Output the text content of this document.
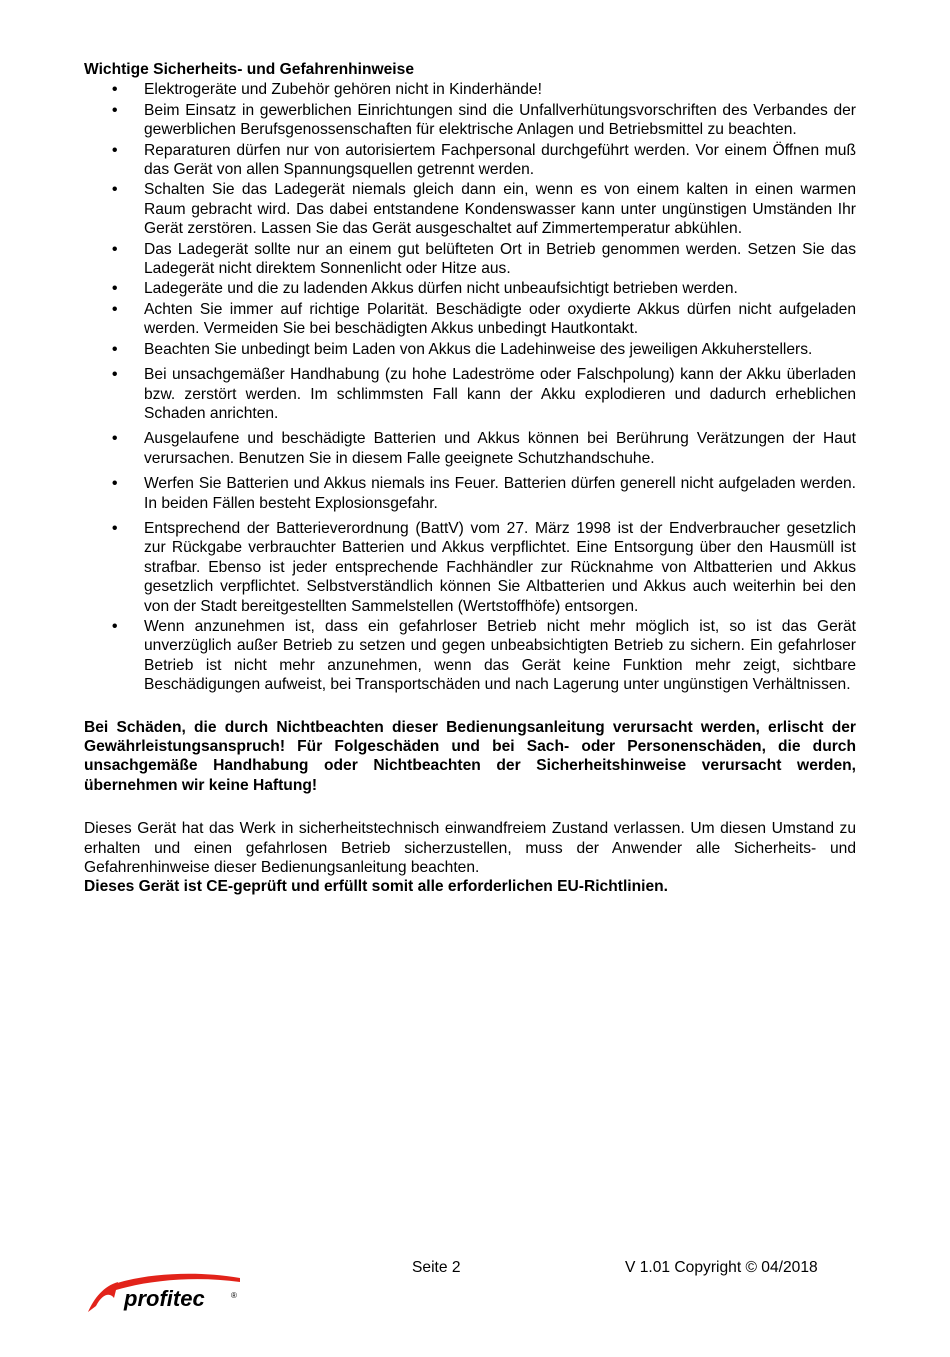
Wichtige Sicherheits- und Gefahrenhinweise
• Elektrogeräte und Zubehör gehören nicht in Kinderhände!
• Beim Einsatz in gewerblichen Einrichtungen sind die Unfallverhütungsvorschriften des Verbandes der gewerblichen Berufsgenossenschaften für elektrische Anlagen und Betriebsmittel zu beachten.
• Reparaturen dürfen nur von autorisiertem Fachpersonal durchgeführt werden. Vor einem Öffnen muß das Gerät von allen Spannungsquellen getrennt werden.
• Schalten Sie das Ladegerät niemals gleich dann ein, wenn es von einem kalten in einen warmen Raum gebracht wird. Das dabei entstandene Kondenswasser kann unter ungünstigen Umständen Ihr Gerät zerstören. Lassen Sie das Gerät ausgeschaltet auf Zimmertemperatur abkühlen.
• Das Ladegerät sollte nur an einem gut belüfteten Ort in Betrieb genommen werden. Setzen Sie das Ladegerät nicht direktem Sonnenlicht oder Hitze aus.
• Ladegeräte und die zu ladenden Akkus dürfen nicht unbeaufsichtigt betrieben werden.
• Achten Sie immer auf richtige Polarität. Beschädigte oder oxydierte Akkus dürfen nicht aufgeladen werden. Vermeiden Sie bei beschädigten Akkus unbedingt Hautkontakt.
• Beachten Sie unbedingt beim Laden von Akkus die Ladehinweise des jeweiligen Akkuherstellers.
• Bei unsachgemäßer Handhabung (zu hohe Ladeströme oder Falschpolung) kann der Akku überladen bzw. zerstört werden. Im schlimmsten Fall kann der Akku explodieren und dadurch erheblichen Schaden anrichten.
• Ausgelaufene und beschädigte Batterien und Akkus können bei Berührung Verätzungen der Haut verursachen. Benutzen Sie in diesem Falle geeignete Schutzhandschuhe.
• Werfen Sie Batterien und Akkus niemals ins Feuer. Batterien dürfen generell nicht aufgeladen werden. In beiden Fällen besteht Explosionsgefahr.
• Entsprechend der Batterieverordnung (BattV) vom 27. März 1998 ist der Endverbraucher gesetzlich zur Rückgabe verbrauchter Batterien und Akkus verpflichtet. Eine Entsorgung über den Hausmüll ist strafbar. Ebenso ist jeder entsprechende Fachhändler zur Rücknahme von Altbatterien und Akkus gesetzlich verpflichtet. Selbstverständlich können Sie Altbatterien und Akkus auch weiterhin bei den von der Stadt bereitgestellten Sammelstellen (Wertstoffhöfe) entsorgen.
• Wenn anzunehmen ist, dass ein gefahrloser Betrieb nicht mehr möglich ist, so ist das Gerät unverzüglich außer Betrieb zu setzen und gegen unbeabsichtigten Betrieb zu sichern. Ein gefahrloser Betrieb ist nicht mehr anzunehmen, wenn das Gerät keine Funktion mehr zeigt, sichtbare Beschädigungen aufweist, bei Transportschäden und nach Lagerung unter ungünstigen Verhältnissen.

Bei Schäden, die durch Nichtbeachten dieser Bedienungsanleitung verursacht werden, erlischt der Gewährleistungsanspruch! Für Folgeschäden und bei Sach- oder Personenschäden, die durch unsachgemäße Handhabung oder Nichtbeachten der Sicherheitshinweise verursacht werden, übernehmen wir keine Haftung!

Dieses Gerät hat das Werk in sicherheitstechnisch einwandfreiem Zustand verlassen. Um diesen Umstand zu erhalten und einen gefahrlosen Betrieb sicherzustellen, muss der Anwender alle Sicherheits- und Gefahrenhinweise dieser Bedienungsanleitung beachten.

Dieses Gerät ist CE-geprüft und erfüllt somit alle erforderlichen EU-Richtlinien.

Seite 2	V 1.01 Copyright © 04/2018
profitec	®
